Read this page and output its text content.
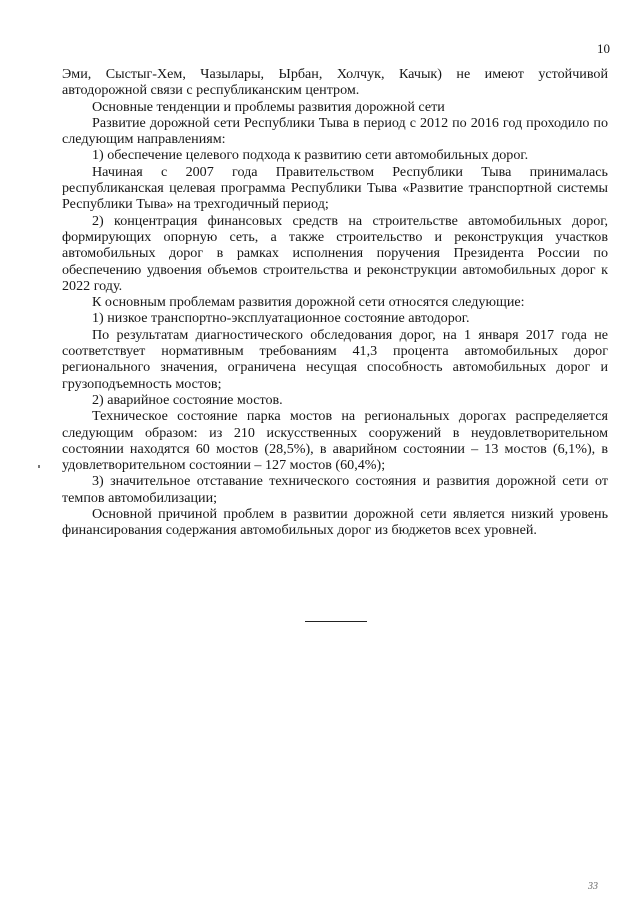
10

Эми, Сыстыг-Хем, Чазылары, Ырбан, Холчук, Качык) не имеют устойчивой автодорожной связи с республиканским центром.

Основные тенденции и проблемы развития дорожной сети

Развитие дорожной сети Республики Тыва в период с 2012 по 2016 год проходило по следующим направлениям:

1) обеспечение целевого подхода к развитию сети автомобильных дорог.

Начиная с 2007 года Правительством Республики Тыва принималась республиканская целевая программа Республики Тыва «Развитие транспортной системы Республики Тыва» на трехгодичный период;

2) концентрация финансовых средств на строительстве автомобильных дорог, формирующих опорную сеть, а также строительство и реконструкция участков автомобильных дорог в рамках исполнения поручения Президента России по обеспечению удвоения объемов строительства и реконструкции автомобильных дорог к 2022 году.

К основным проблемам развития дорожной сети относятся следующие:

1) низкое транспортно-эксплуатационное состояние автодорог.

По результатам диагностического обследования дорог, на 1 января 2017 года не соответствует нормативным требованиям 41,3 процента автомобильных дорог регионального значения, ограничена несущая способность автомобильных дорог и грузоподъемность мостов;

2) аварийное состояние мостов.

Техническое состояние парка мостов на региональных дорогах распределяется следующим образом: из 210 искусственных сооружений в неудовлетворительном состоянии находятся 60 мостов (28,5%), в аварийном состоянии – 13 мостов (6,1%), в удовлетворительном состоянии – 127 мостов (60,4%);

3) значительное отставание технического состояния и развития дорожной сети от темпов автомобилизации;

Основной причиной проблем в развитии дорожной сети является низкий уровень финансирования содержания автомобильных дорог из бюджетов всех уровней.

33
